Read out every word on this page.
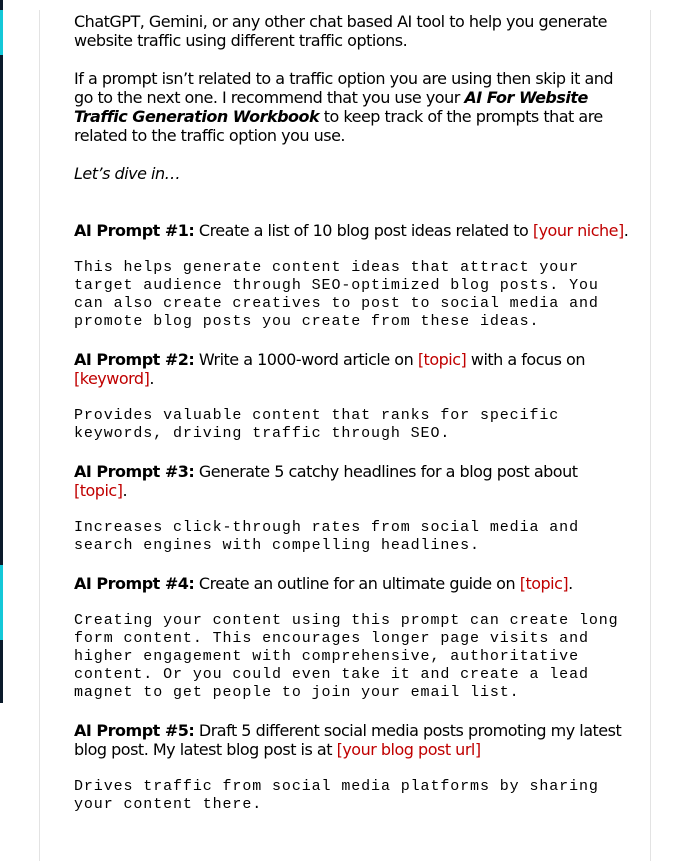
ChatGPT, Gemini, or any other chat based AI tool to help you generate website traffic using different traffic options.

If a prompt isn’t related to a traffic option you are using then skip it and go to the next one. I recommend that you use your AI For Website Traffic Generation Workbook to keep track of the prompts that are related to the traffic option you use.

Let’s dive in…

AI Prompt #1: Create a list of 10 blog post ideas related to [your niche].

This helps generate content ideas that attract your target audience through SEO-optimized blog posts. You can also create creatives to post to social media and promote blog posts you create from these ideas.

AI Prompt #2: Write a 1000-word article on [topic] with a focus on [keyword].

Provides valuable content that ranks for specific keywords, driving traffic through SEO.

AI Prompt #3: Generate 5 catchy headlines for a blog post about [topic].

Increases click-through rates from social media and search engines with compelling headlines.

AI Prompt #4: Create an outline for an ultimate guide on [topic].

Creating your content using this prompt can create long form content. This encourages longer page visits and higher engagement with comprehensive, authoritative content. Or you could even take it and create a lead magnet to get people to join your email list.

AI Prompt #5: Draft 5 different social media posts promoting my latest blog post. My latest blog post is at [your blog post url]

Drives traffic from social media platforms by sharing your content there.
